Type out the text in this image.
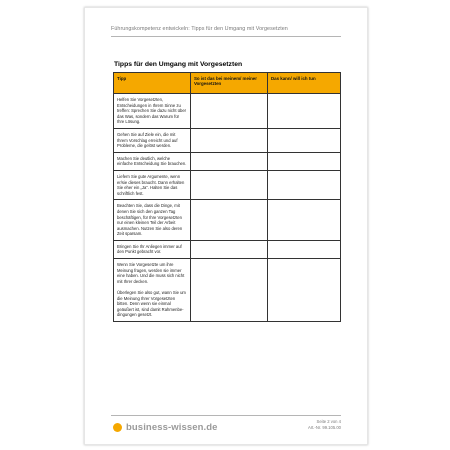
Führungskompetenz entwickeln: Tipps für den Umgang mit Vorgesetzten
Tipps für den Umgang mit Vorgesetzten
Tipp	So ist das bei meinem/ meiner Vorgesetzten	Das kann/ will ich tun

Helfen Sie Vorgesetzten, Entscheidungen in Ihrem Sinne zu treffen: Sprechen Sie dazu nicht über das Was, sondern das Warum für Ihre Lösung.		

Gehen Sie auf Ziele ein, die mit Ihrem Vorschlag erreicht und auf Probleme, die gelöst werden.		

Machen Sie deutlich, welche einfache Entscheidung Sie brauchen.		

Liefern Sie gute Argumente, wenn er/sie dieses braucht. Dann erhalten Sie eher ein „Ja“. Halten Sie das schriftlich fest.		

Beachten Sie, dass die Dinge, mit denen Sie sich den ganzen Tag beschäftigen, für Ihre Vorgesetzten nur einen kleinen Teil der Arbeit ausmachen. Nutzen Sie also deren Zeit sparsam.		

Bringen Sie Ihr Anliegen immer auf den Punkt gebracht vor.		

Wenn Sie Vorgesetzte um ihre Meinung fragen, werden sie immer eine haben. Und die muss sich nicht mit Ihrer decken.

Überlegen Sie also gut, wann Sie um die Meinung Ihrer Vorgesetzten bitten. Denn wenn sie einmal geäußert ist, sind damit Rahmenbe-dingungen gesetzt.		

business-wissen.de
Seite 2 von 4
Art.-Nr. 99.105.00
